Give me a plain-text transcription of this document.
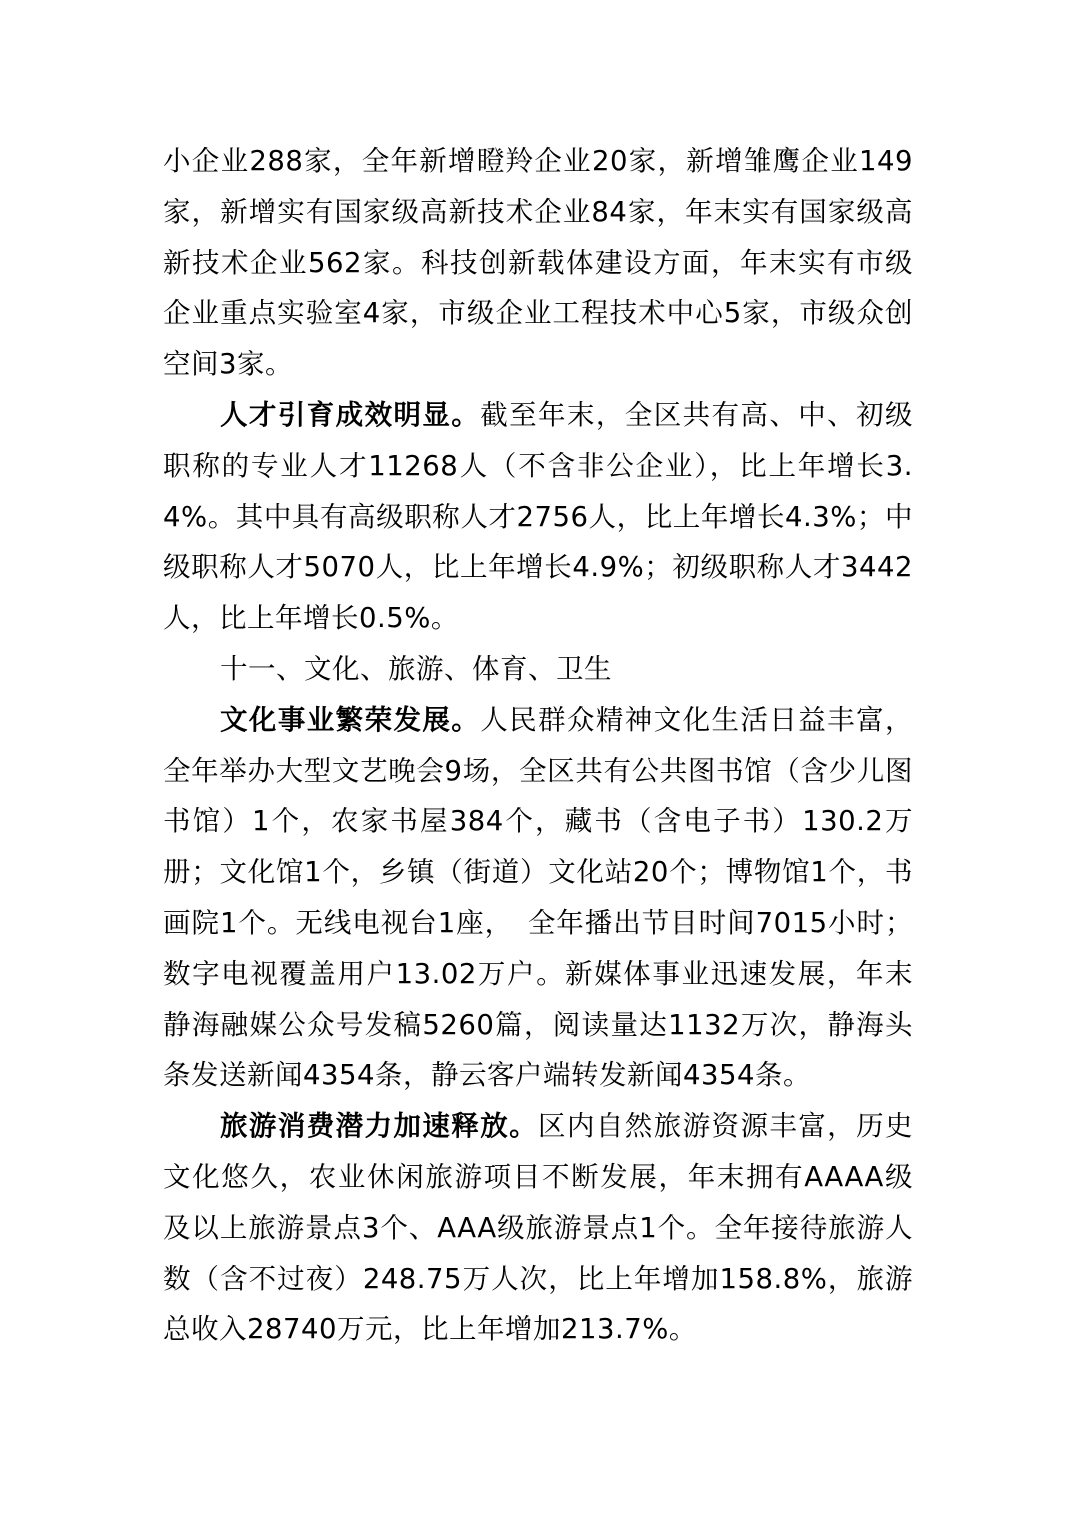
小企业288家，全年新增瞪羚企业20家，新增雏鹰企业149家，新增实有国家级高新技术企业84家，年末实有国家级高新技术企业562家。科技创新载体建设方面，年末实有市级企业重点实验室4家，市级企业工程技术中心5家，市级众创空间3家。

人才引育成效明显。截至年末，全区共有高、中、初级职称的专业人才11268人（不含非公企业），比上年增长3.4%。其中具有高级职称人才2756人，比上年增长4.3%；中级职称人才5070人，比上年增长4.9%；初级职称人才3442人，比上年增长0.5%。

十一、文化、旅游、体育、卫生

文化事业繁荣发展。人民群众精神文化生活日益丰富，全年举办大型文艺晚会9场，全区共有公共图书馆（含少儿图书馆）1个，农家书屋384个，藏书（含电子书）130.2万册；文化馆1个，乡镇（街道）文化站20个；博物馆1个，书画院1个。无线电视台1座，　全年播出节目时间7015小时；数字电视覆盖用户13.02万户。新媒体事业迅速发展，年末静海融媒公众号发稿5260篇，阅读量达1132万次，静海头条发送新闻4354条，静云客户端转发新闻4354条。

旅游消费潜力加速释放。区内自然旅游资源丰富，历史文化悠久，农业休闲旅游项目不断发展，年末拥有AAAA级及以上旅游景点3个、AAA级旅游景点1个。全年接待旅游人数（含不过夜）248.75万人次，比上年增加158.8%，旅游总收入28740万元，比上年增加213.7%。
